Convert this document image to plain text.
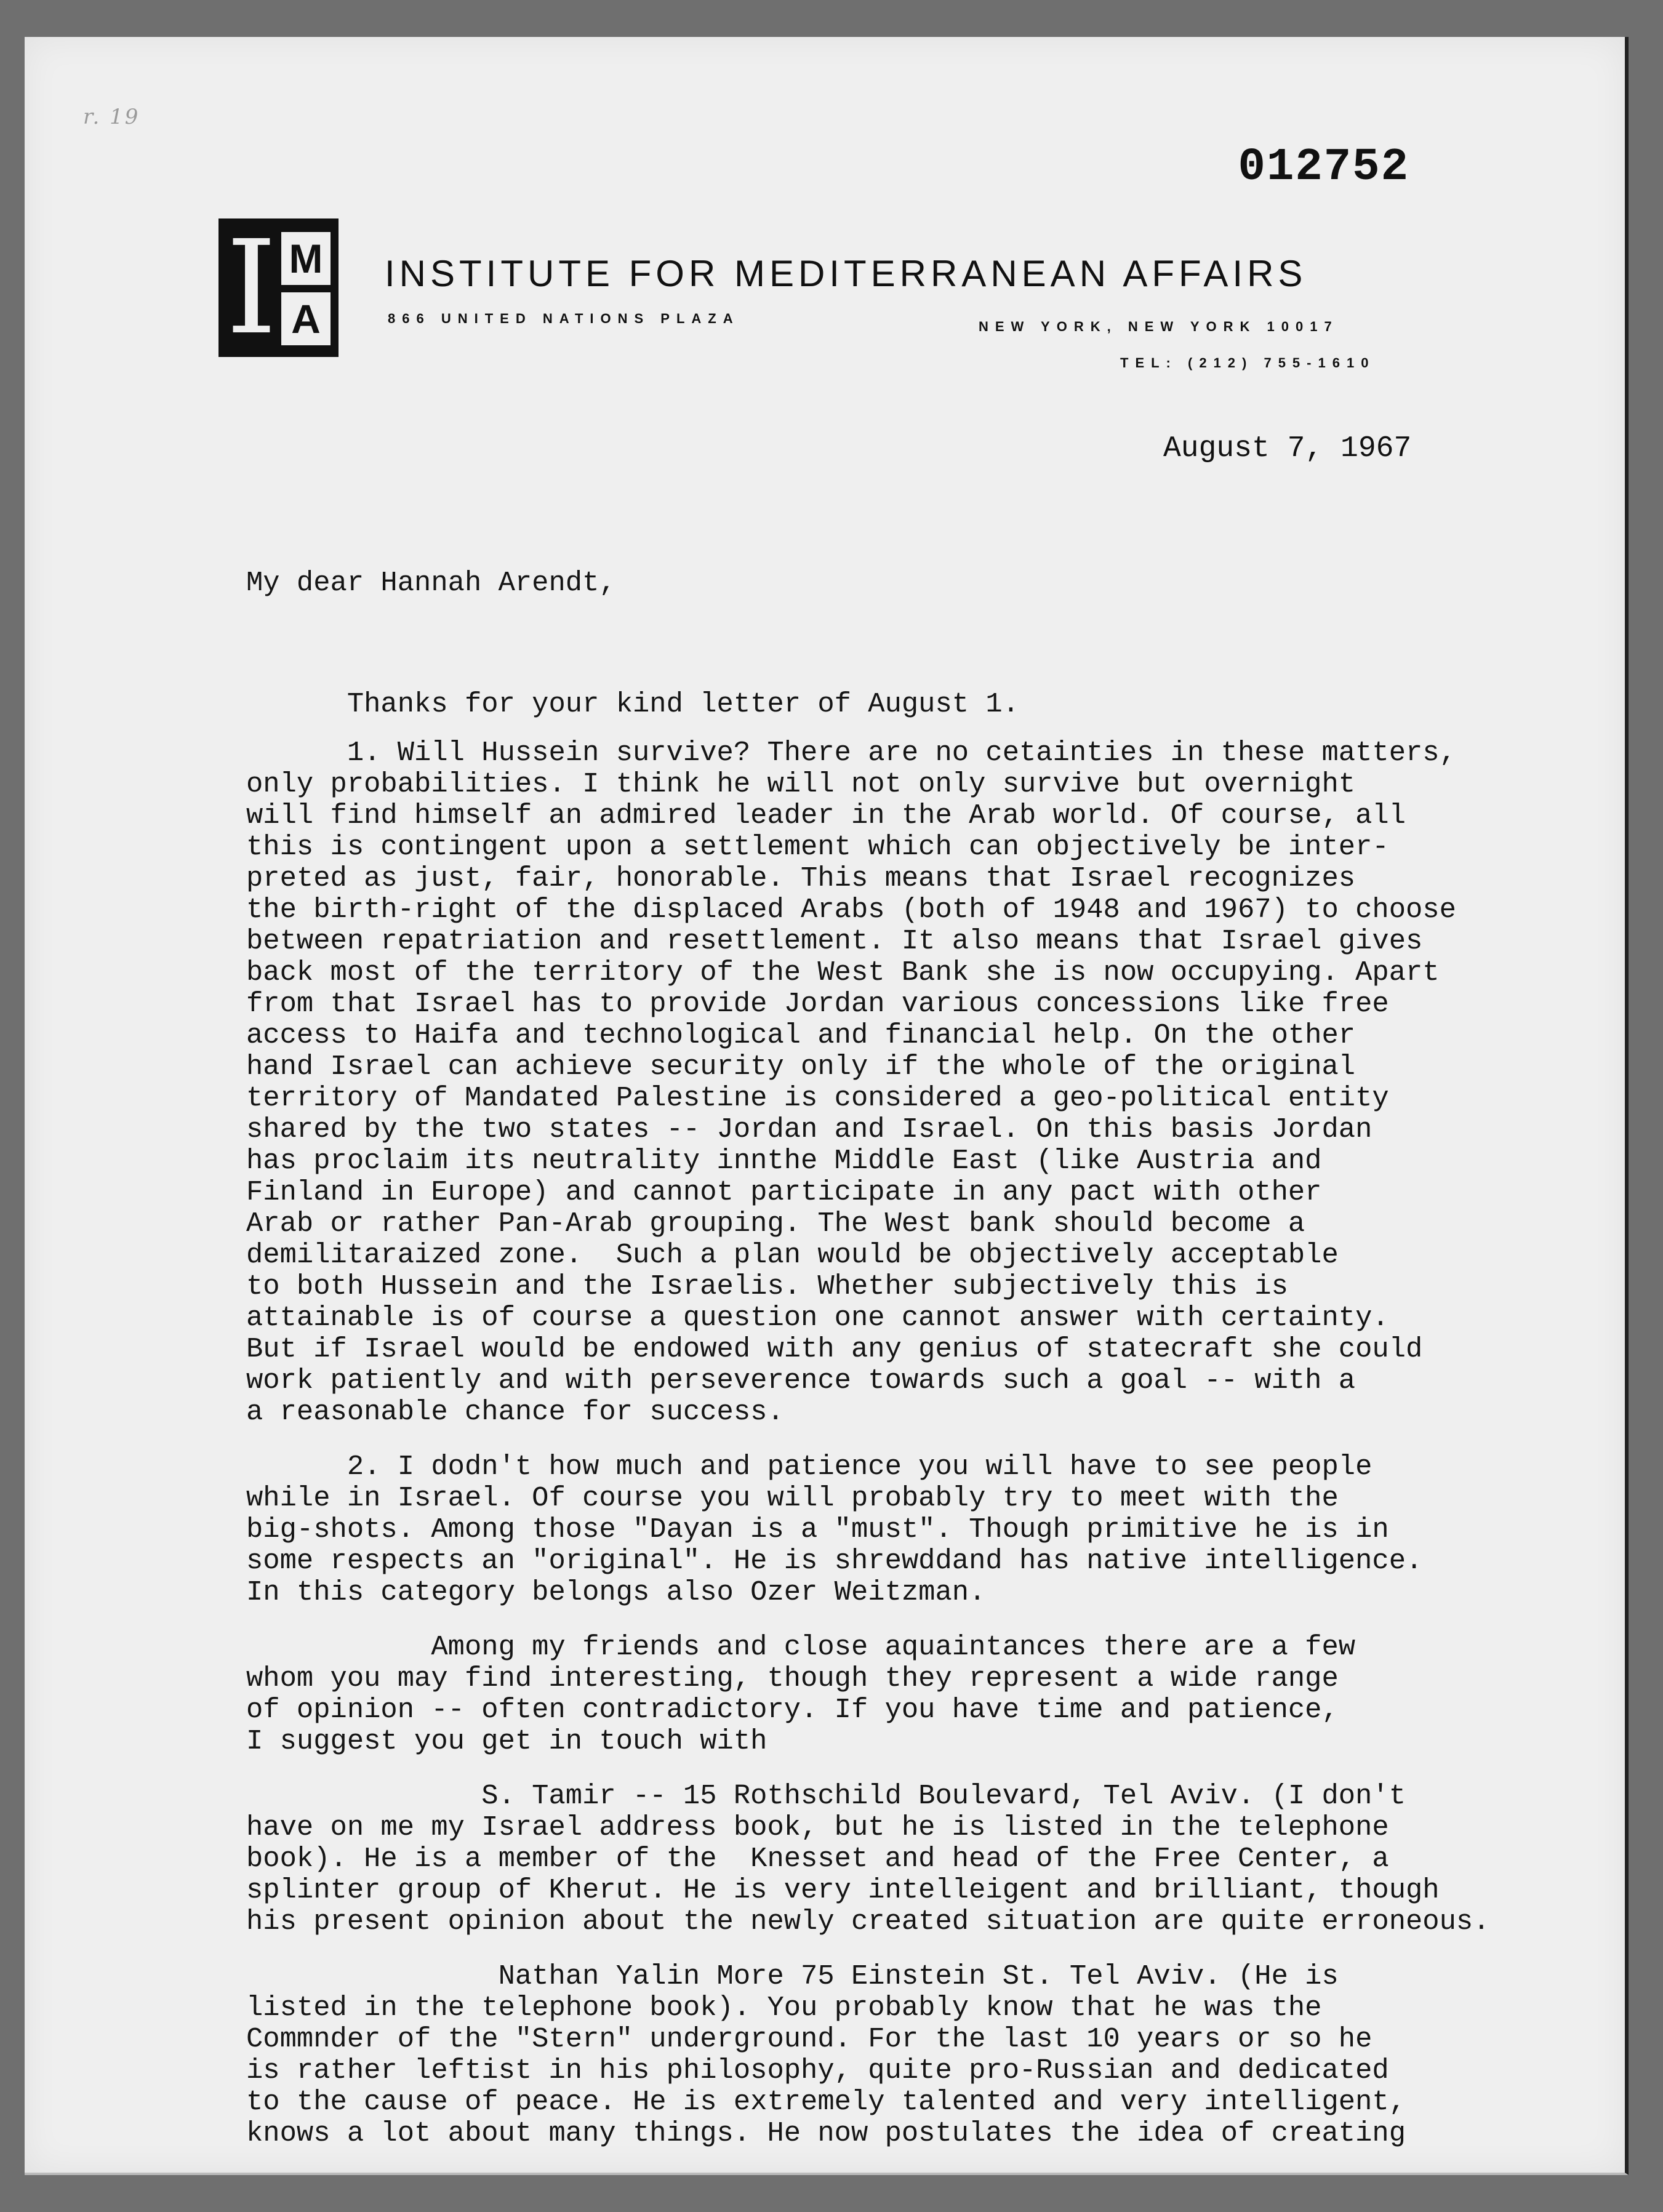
r. 19
012752
I M
A
INSTITUTE FOR MEDITERRANEAN AFFAIRS
866 UNITED NATIONS PLAZA
NEW YORK, NEW YORK 10017
TEL: (212) 755-1610
August 7, 1967

My dear Hannah Arendt,

Thanks for your kind letter of August 1.
1. Will Hussein survive? There are no cetainties in these matters,
only probabilities. I think he will not only survive but overnight
will find himself an admired leader in the Arab world. Of course, all
this is contingent upon a settlement which can objectively be inter-
preted as just, fair, honorable. This means that Israel recognizes
the birth-right of the displaced Arabs (both of 1948 and 1967) to choose
between repatriation and resettlement. It also means that Israel gives
back most of the territory of the West Bank she is now occupying. Apart
from that Israel has to provide Jordan various concessions like free
access to Haifa and technological and financial help. On the other
hand Israel can achieve security only if the whole of the original
territory of Mandated Palestine is considered a geo-political entity
shared by the two states -- Jordan and Israel. On this basis Jordan
has proclaim its neutrality innthe Middle East (like Austria and
Finland in Europe) and cannot participate in any pact with other
Arab or rather Pan-Arab grouping. The West bank should become a
demilitaraized zone.  Such a plan would be objectively acceptable
to both Hussein and the Israelis. Whether subjectively this is
attainable is of course a question one cannot answer with certainty.
But if Israel would be endowed with any genius of statecraft she could
work patiently and with perseverence towards such a goal -- with a
a reasonable chance for success.
2. I dodn't how much and patience you will have to see people
while in Israel. Of course you will probably try to meet with the
big-shots. Among those "Dayan is a "must". Though primitive he is in
some respects an "original". He is shrewddand has native intelligence.
In this category belongs also Ozer Weitzman.
Among my friends and close aquaintances there are a few
whom you may find interesting, though they represent a wide range
of opinion -- often contradictory. If you have time and patience,
I suggest you get in touch with
S. Tamir -- 15 Rothschild Boulevard, Tel Aviv. (I don't
have on me my Israel address book, but he is listed in the telephone
book). He is a member of the  Knesset and head of the Free Center, a
splinter group of Kherut. He is very intelleigent and brilliant, though
his present opinion about the newly created situation are quite erroneous.
Nathan Yalin More 75 Einstein St. Tel Aviv. (He is
listed in the telephone book). You probably know that he was the
Commnder of the "Stern" underground. For the last 10 years or so he
is rather leftist in his philosophy, quite pro-Russian and dedicated
to the cause of peace. He is extremely talented and very intelligent,
knows a lot about many things. He now postulates the idea of creating
